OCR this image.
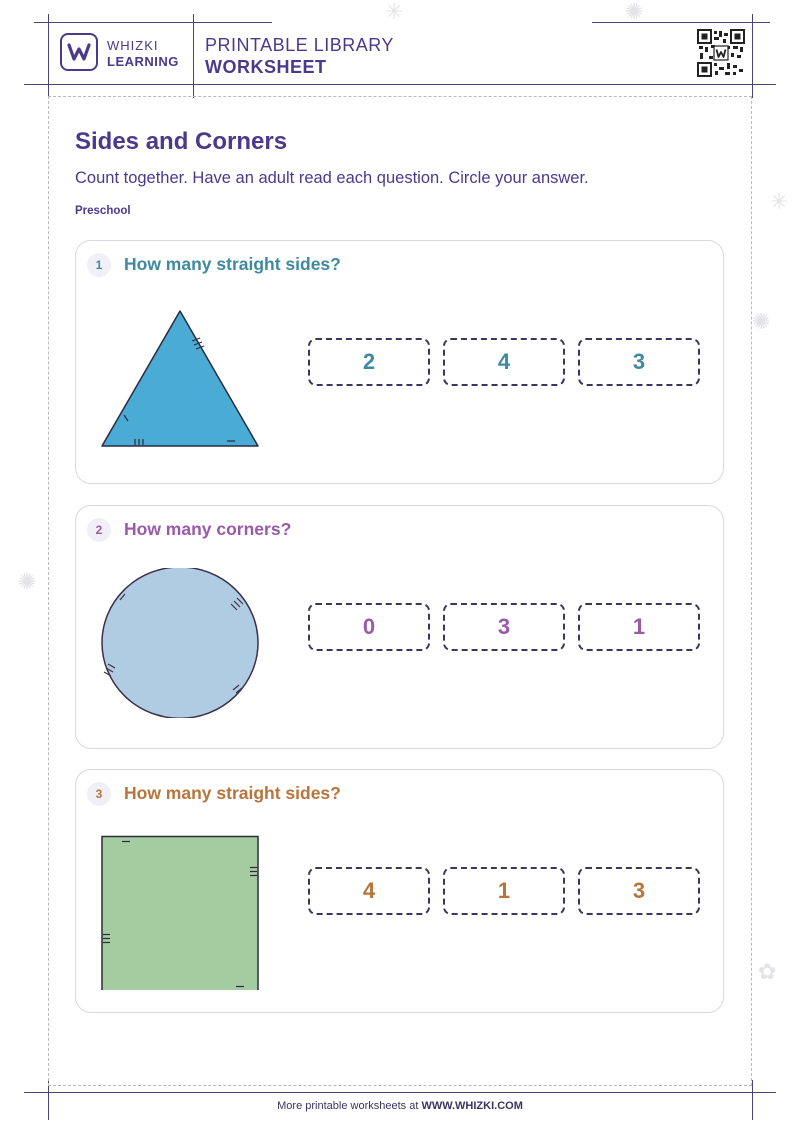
✳	✺
✺
✳
✺
✿
WHIZKI
LEARNING
PRINTABLE LIBRARY
WORKSHEET
Sides and Corners
Count together. Have an adult read each question. Circle your answer.
Preschool
1	How many straight sides?
2	4	3
2	How many corners?
0	3	1
3	How many straight sides?
4	1	3
More printable worksheets at WWW.WHIZKI.COM
